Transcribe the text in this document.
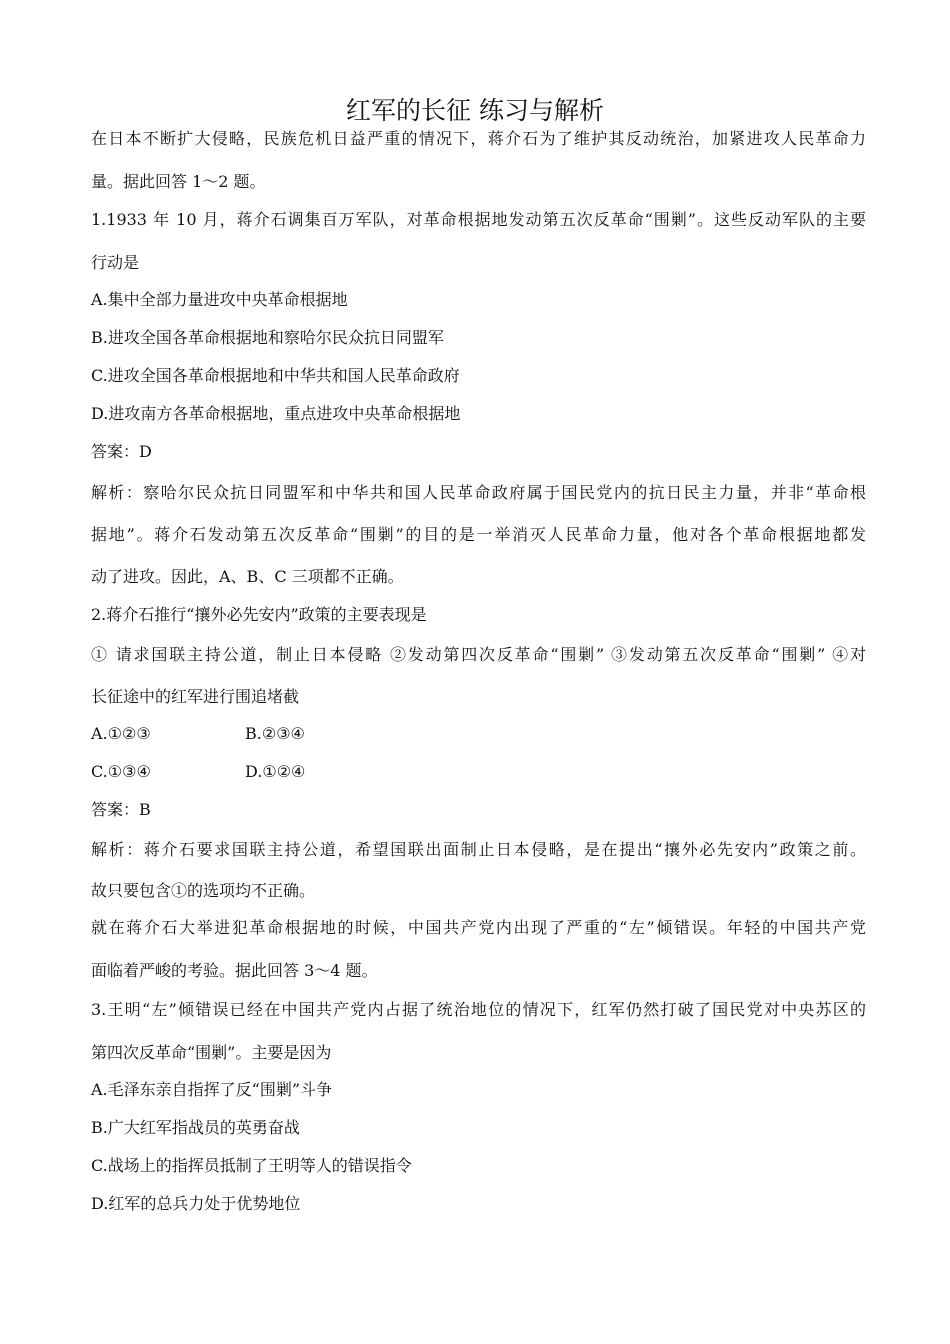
红军的长征 练习与解析
在日本不断扩大侵略，民族危机日益严重的情况下，蒋介石为了维护其反动统治，加紧进攻人民革命力
量。据此回答 1～2 题。
1.1933 年 10 月，蒋介石调集百万军队，对革命根据地发动第五次反革命“围剿”。这些反动军队的主要
行动是
A.集中全部力量进攻中央革命根据地
B.进攻全国各革命根据地和察哈尔民众抗日同盟军
C.进攻全国各革命根据地和中华共和国人民革命政府
D.进攻南方各革命根据地，重点进攻中央革命根据地
答案：D
解析：察哈尔民众抗日同盟军和中华共和国人民革命政府属于国民党内的抗日民主力量，并非“革命根
据地”。蒋介石发动第五次反革命“围剿”的目的是一举消灭人民革命力量，他对各个革命根据地都发
动了进攻。因此，A、B、C 三项都不正确。
2.蒋介石推行“攘外必先安内”政策的主要表现是
① 请求国联主持公道，制止日本侵略 ②发动第四次反革命“围剿” ③发动第五次反革命“围剿” ④对
长征途中的红军进行围追堵截
A.①②③	B.②③④
C.①③④	D.①②④
答案：B
解析：蒋介石要求国联主持公道，希望国联出面制止日本侵略，是在提出“攘外必先安内”政策之前。
故只要包含①的选项均不正确。
就在蒋介石大举进犯革命根据地的时候，中国共产党内出现了严重的“左”倾错误。年轻的中国共产党
面临着严峻的考验。据此回答 3～4 题。
3.王明“左”倾错误已经在中国共产党内占据了统治地位的情况下，红军仍然打破了国民党对中央苏区的
第四次反革命“围剿”。主要是因为
A.毛泽东亲自指挥了反“围剿”斗争
B.广大红军指战员的英勇奋战
C.战场上的指挥员抵制了王明等人的错误指令
D.红军的总兵力处于优势地位
